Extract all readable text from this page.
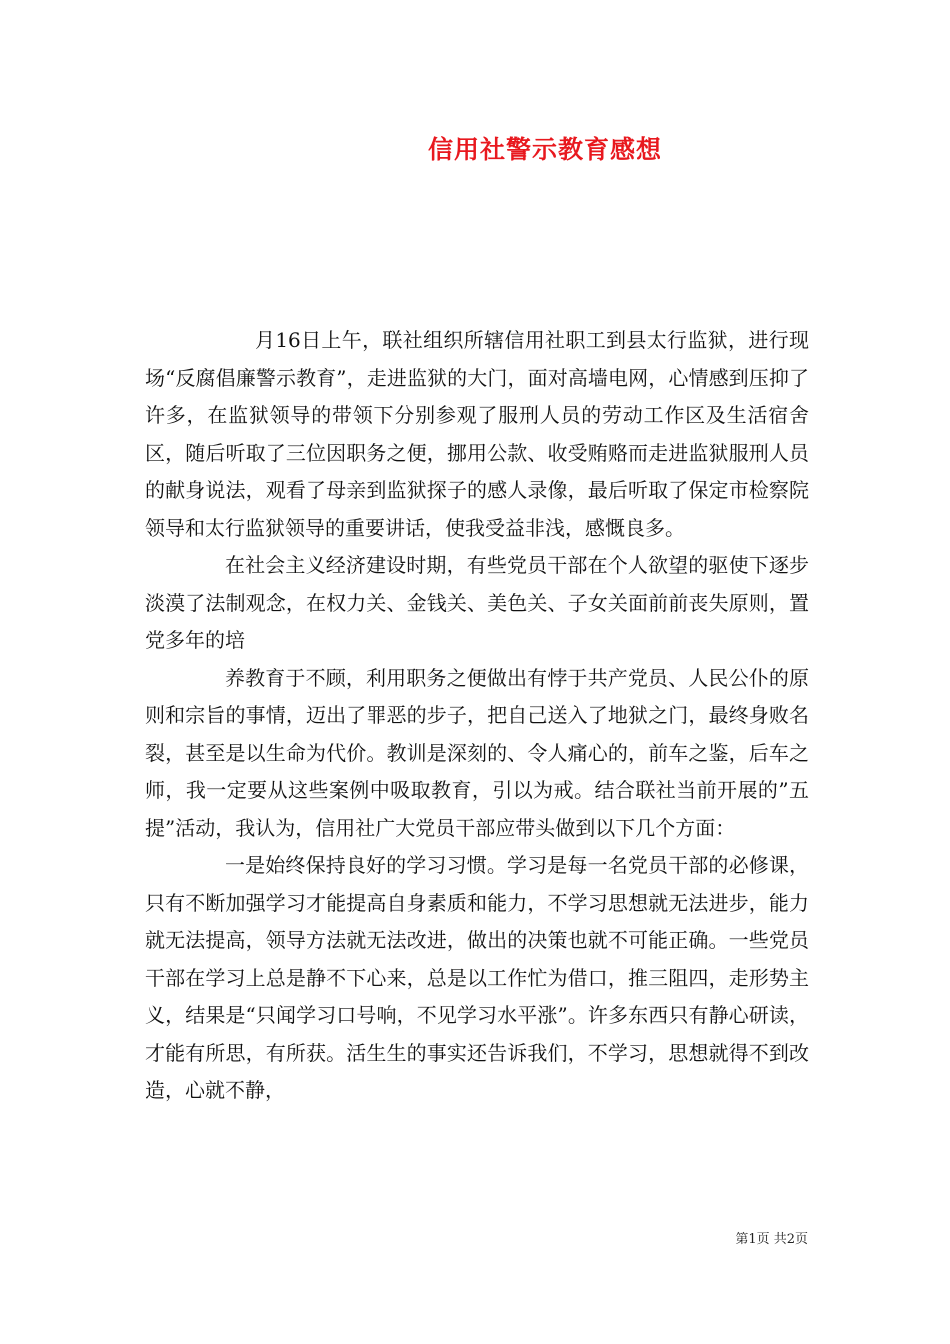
信用社警示教育感想

月16日上午，联社组织所辖信用社职工到县太行监狱，进行现场“反腐倡廉警示教育”，走进监狱的大门，面对高墙电网，心情感到压抑了许多，在监狱领导的带领下分别参观了服刑人员的劳动工作区及生活宿舍区，随后听取了三位因职务之便，挪用公款、收受贿赂而走进监狱服刑人员的献身说法，观看了母亲到监狱探子的感人录像，最后听取了保定市检察院领导和太行监狱领导的重要讲话，使我受益非浅，感慨良多。

在社会主义经济建设时期，有些党员干部在个人欲望的驱使下逐步淡漠了法制观念，在权力关、金钱关、美色关、子女关面前前丧失原则，置党多年的培

养教育于不顾，利用职务之便做出有悖于共产党员、人民公仆的原则和宗旨的事情，迈出了罪恶的步子，把自己送入了地狱之门，最终身败名裂，甚至是以生命为代价。教训是深刻的、令人痛心的，前车之鉴，后车之师，我一定要从这些案例中吸取教育，引以为戒。结合联社当前开展的”五提”活动，我认为，信用社广大党员干部应带头做到以下几个方面：

一是始终保持良好的学习习惯。学习是每一名党员干部的必修课，只有不断加强学习才能提高自身素质和能力，不学习思想就无法进步，能力就无法提高，领导方法就无法改进，做出的决策也就不可能正确。一些党员干部在学习上总是静不下心来，总是以工作忙为借口，推三阻四，走形势主义，结果是“只闻学习口号响，不见学习水平涨”。许多东西只有静心研读，才能有所思，有所获。活生生的事实还告诉我们，不学习，思想就得不到改造，心就不静，

第1页 共2页
